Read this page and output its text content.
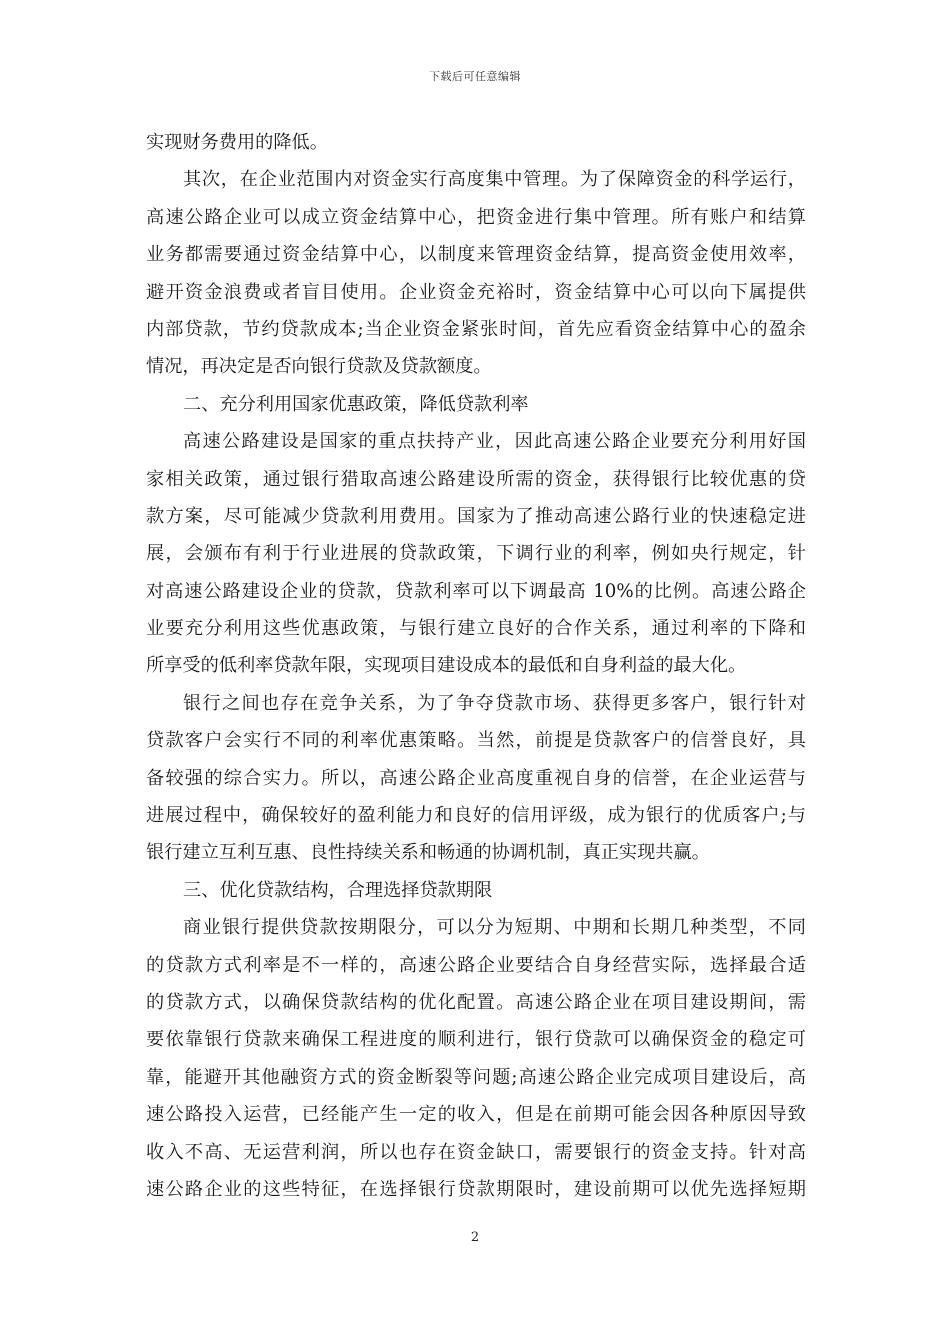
下载后可任意编辑
实现财务费用的降低。
其次，在企业范围内对资金实行高度集中管理。为了保障资金的科学运行，
高速公路企业可以成立资金结算中心，把资金进行集中管理。所有账户和结算
业务都需要通过资金结算中心，以制度来管理资金结算，提高资金使用效率，
避开资金浪费或者盲目使用。企业资金充裕时，资金结算中心可以向下属提供
内部贷款，节约贷款成本;当企业资金紧张时间，首先应看资金结算中心的盈余
情况，再决定是否向银行贷款及贷款额度。
二、充分利用国家优惠政策，降低贷款利率
高速公路建设是国家的重点扶持产业，因此高速公路企业要充分利用好国
家相关政策，通过银行猎取高速公路建设所需的资金，获得银行比较优惠的贷
款方案，尽可能减少贷款利用费用。国家为了推动高速公路行业的快速稳定进
展，会颁布有利于行业进展的贷款政策，下调行业的利率，例如央行规定，针
对高速公路建设企业的贷款，贷款利率可以下调最高 10%的比例。高速公路企
业要充分利用这些优惠政策，与银行建立良好的合作关系，通过利率的下降和
所享受的低利率贷款年限，实现项目建设成本的最低和自身利益的最大化。
银行之间也存在竞争关系，为了争夺贷款市场、获得更多客户，银行针对
贷款客户会实行不同的利率优惠策略。当然，前提是贷款客户的信誉良好，具
备较强的综合实力。所以，高速公路企业高度重视自身的信誉，在企业运营与
进展过程中，确保较好的盈利能力和良好的信用评级，成为银行的优质客户;与
银行建立互利互惠、良性持续关系和畅通的协调机制，真正实现共赢。
三、优化贷款结构，合理选择贷款期限
商业银行提供贷款按期限分，可以分为短期、中期和长期几种类型，不同
的贷款方式利率是不一样的，高速公路企业要结合自身经营实际，选择最合适
的贷款方式，以确保贷款结构的优化配置。高速公路企业在项目建设期间，需
要依靠银行贷款来确保工程进度的顺利进行，银行贷款可以确保资金的稳定可
靠，能避开其他融资方式的资金断裂等问题;高速公路企业完成项目建设后，高
速公路投入运营，已经能产生一定的收入，但是在前期可能会因各种原因导致
收入不高、无运营利润，所以也存在资金缺口，需要银行的资金支持。针对高
速公路企业的这些特征，在选择银行贷款期限时，建设前期可以优先选择短期
2
